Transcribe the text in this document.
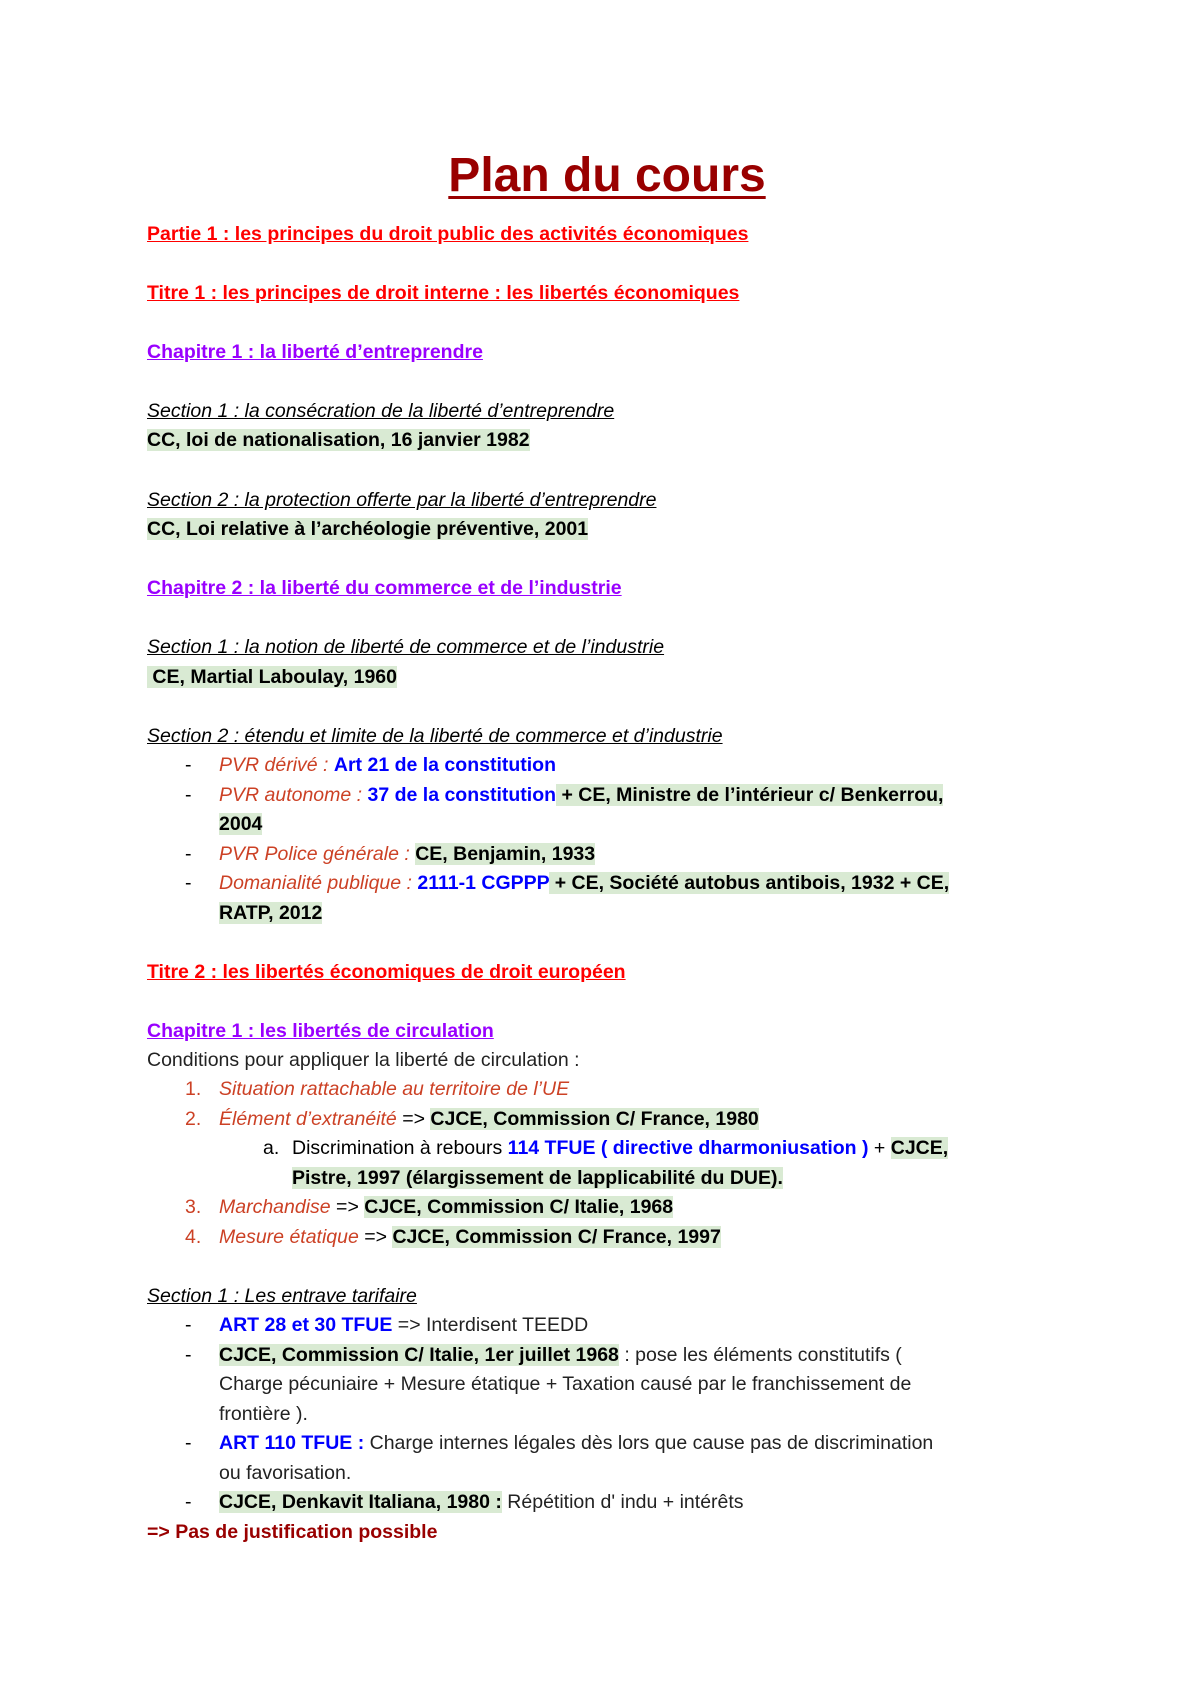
Plan du cours
Partie 1 : les principes du droit public des activités économiques
Titre 1 : les principes de droit interne : les libertés économiques
Chapitre 1 : la liberté d’entreprendre
Section 1 : la consécration de la liberté d’entreprendre
CC, loi de nationalisation, 16 janvier 1982
Section 2 : la protection offerte par la liberté d’entreprendre
CC, Loi relative à l’archéologie préventive, 2001
Chapitre 2 : la liberté du commerce et de l’industrie
Section 1 : la notion de liberté de commerce et de l’industrie
CE, Martial Laboulay, 1960
Section 2 : étendu et limite de la liberté de commerce et d’industrie
- PVR dérivé : Art 21 de la constitution
- PVR autonome : 37 de la constitution + CE, Ministre de l’intérieur c/ Benkerrou,
2004
- PVR Police générale : CE, Benjamin, 1933
- Domanialité publique : 2111-1 CGPPP + CE, Société autobus antibois, 1932 + CE,
RATP, 2012
Titre 2 : les libertés économiques de droit européen
Chapitre 1 : les libertés de circulation
Conditions pour appliquer la liberté de circulation :
1. Situation rattachable au territoire de l’UE
2. Élément d’extranéité => CJCE, Commission C/ France, 1980
a. Discrimination à rebours 114 TFUE ( directive dharmoniusation ) + CJCE,
Pistre, 1997 (élargissement de lapplicabilité du DUE).
3. Marchandise => CJCE, Commission C/ Italie, 1968
4. Mesure étatique => CJCE, Commission C/ France, 1997
Section 1 : Les entrave tarifaire
- ART 28 et 30 TFUE => Interdisent TEEDD
- CJCE, Commission C/ Italie, 1er juillet 1968 : pose les éléments constitutifs (
Charge pécuniaire + Mesure étatique + Taxation causé par le franchissement de
frontière ).
- ART 110 TFUE : Charge internes légales dès lors que cause pas de discrimination
ou favorisation.
- CJCE, Denkavit Italiana, 1980 : Répétition d' indu + intérêts
=> Pas de justification possible
